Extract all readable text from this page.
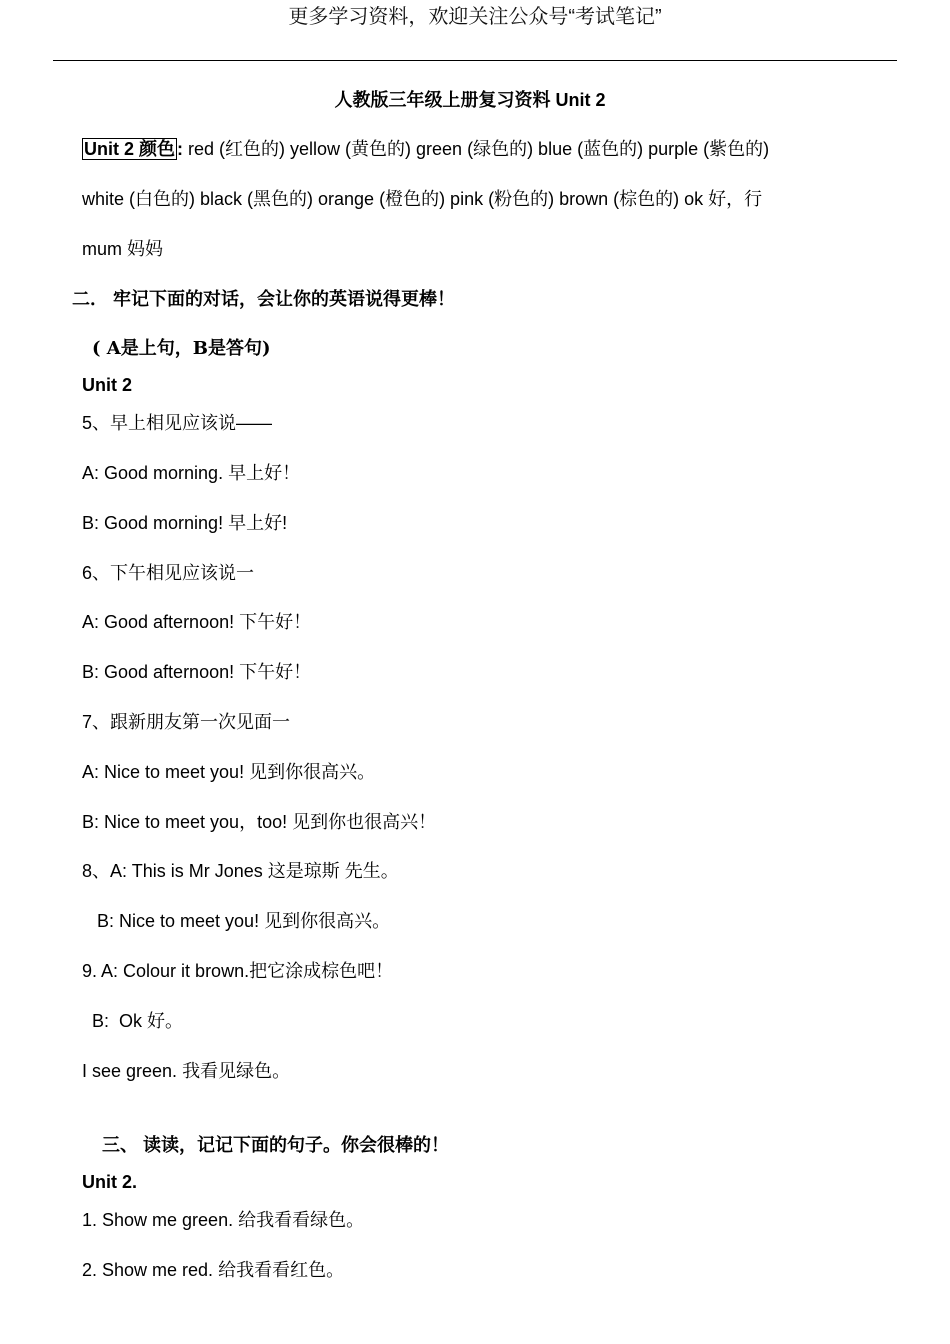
更多学习资料，欢迎关注公众号“考试笔记”
人教版三年级上册复习资料 Unit 2
Unit 2 颜色 : red (红色的) yellow (黄色的) green (绿色的) blue (蓝色的) purple (紫色的)
white (白色的) black (黑色的) orange (橙色的) pink (粉色的) brown (棕色的) ok 好，行
mum 妈妈
二． 牢记下面的对话，会让你的英语说得更棒！
( A是上句，B是答句)
Unit 2
5、早上相见应该说——
A: Good morning. 早上好！
B: Good morning! 早上好!
6、下午相见应该说一
A: Good afternoon! 下午好！
B: Good afternoon! 下午好！
7、跟新朋友第一次见面一
A: Nice to meet you! 见到你很高兴。
B: Nice to meet you，too! 见到你也很高兴！
8、A: This is Mr Jones 这是琼斯 先生。
B: Nice to meet you! 见到你很高兴。
9. A: Colour it brown.把它涂成棕色吧！
B:  Ok 好。
I see green. 我看见绿色。
三、 读读，记记下面的句子。你会很棒的！
Unit 2.
1. Show me green. 给我看看绿色。
2. Show me red. 给我看看红色。
